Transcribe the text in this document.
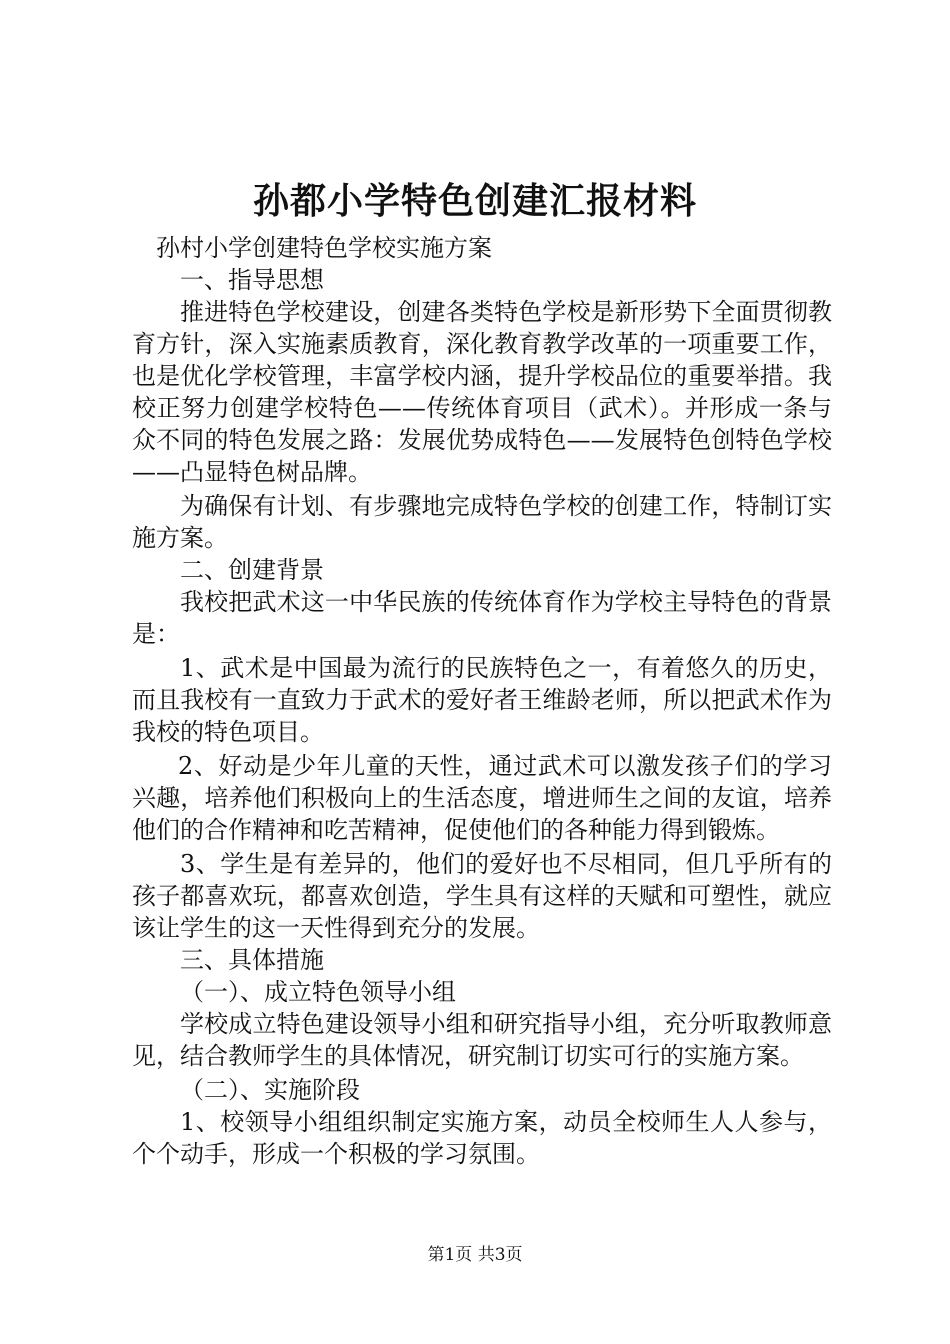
孙都小学特色创建汇报材料

孙村小学创建特色学校实施方案

一、指导思想

推进特色学校建设，创建各类特色学校是新形势下全面贯彻教育方针，深入实施素质教育，深化教育教学改革的一项重要工作，也是优化学校管理，丰富学校内涵，提升学校品位的重要举措。我校正努力创建学校特色——传统体育项目（武术）。并形成一条与众不同的特色发展之路：发展优势成特色——发展特色创特色学校——凸显特色树品牌。

为确保有计划、有步骤地完成特色学校的创建工作，特制订实施方案。

二、创建背景

我校把武术这一中华民族的传统体育作为学校主导特色的背景是：

1、武术是中国最为流行的民族特色之一，有着悠久的历史，而且我校有一直致力于武术的爱好者王维龄老师，所以把武术作为我校的特色项目。

2、好动是少年儿童的天性，通过武术可以激发孩子们的学习兴趣，培养他们积极向上的生活态度，增进师生之间的友谊，培养他们的合作精神和吃苦精神，促使他们的各种能力得到锻炼。

3、学生是有差异的，他们的爱好也不尽相同，但几乎所有的孩子都喜欢玩，都喜欢创造，学生具有这样的天赋和可塑性，就应该让学生的这一天性得到充分的发展。

三、具体措施

（一）、成立特色领导小组

学校成立特色建设领导小组和研究指导小组，充分听取教师意见，结合教师学生的具体情况，研究制订切实可行的实施方案。

（二）、实施阶段

1、校领导小组组织制定实施方案，动员全校师生人人参与，个个动手，形成一个积极的学习氛围。

第1页 共3页
